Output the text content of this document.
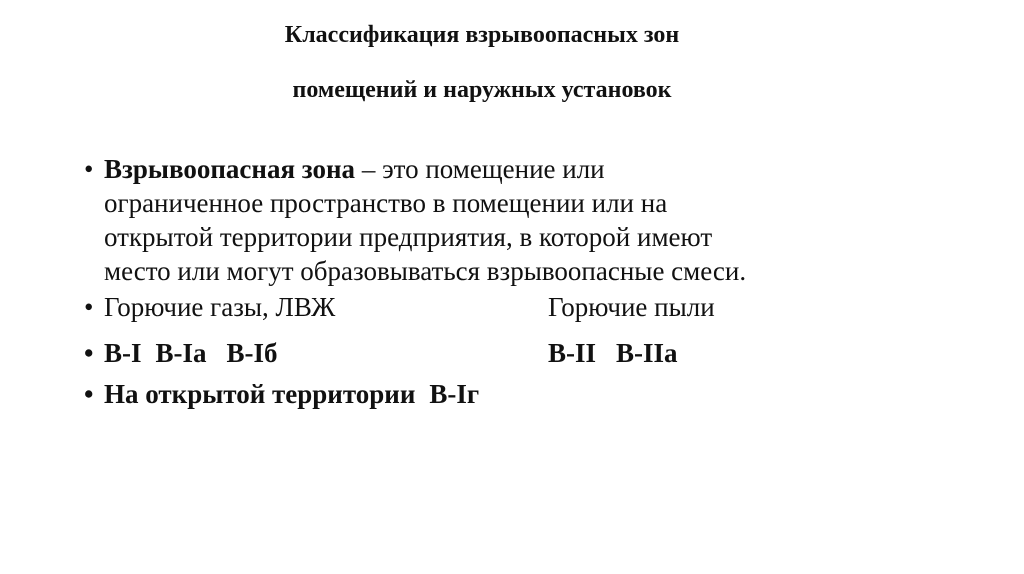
Классификация взрывоопасных зон
помещений и наружных установок
• Взрывоопасная зона – это помещение или
ограниченное пространство в помещении или на
открытой территории предприятия, в которой имеют
место или могут образовываться взрывоопасные смеси.
• Горючие газы, ЛВЖ	Горючие пыли
• В-I В-Iа В-Iб	В-II В-IIа
• На открытой территории В-Iг
